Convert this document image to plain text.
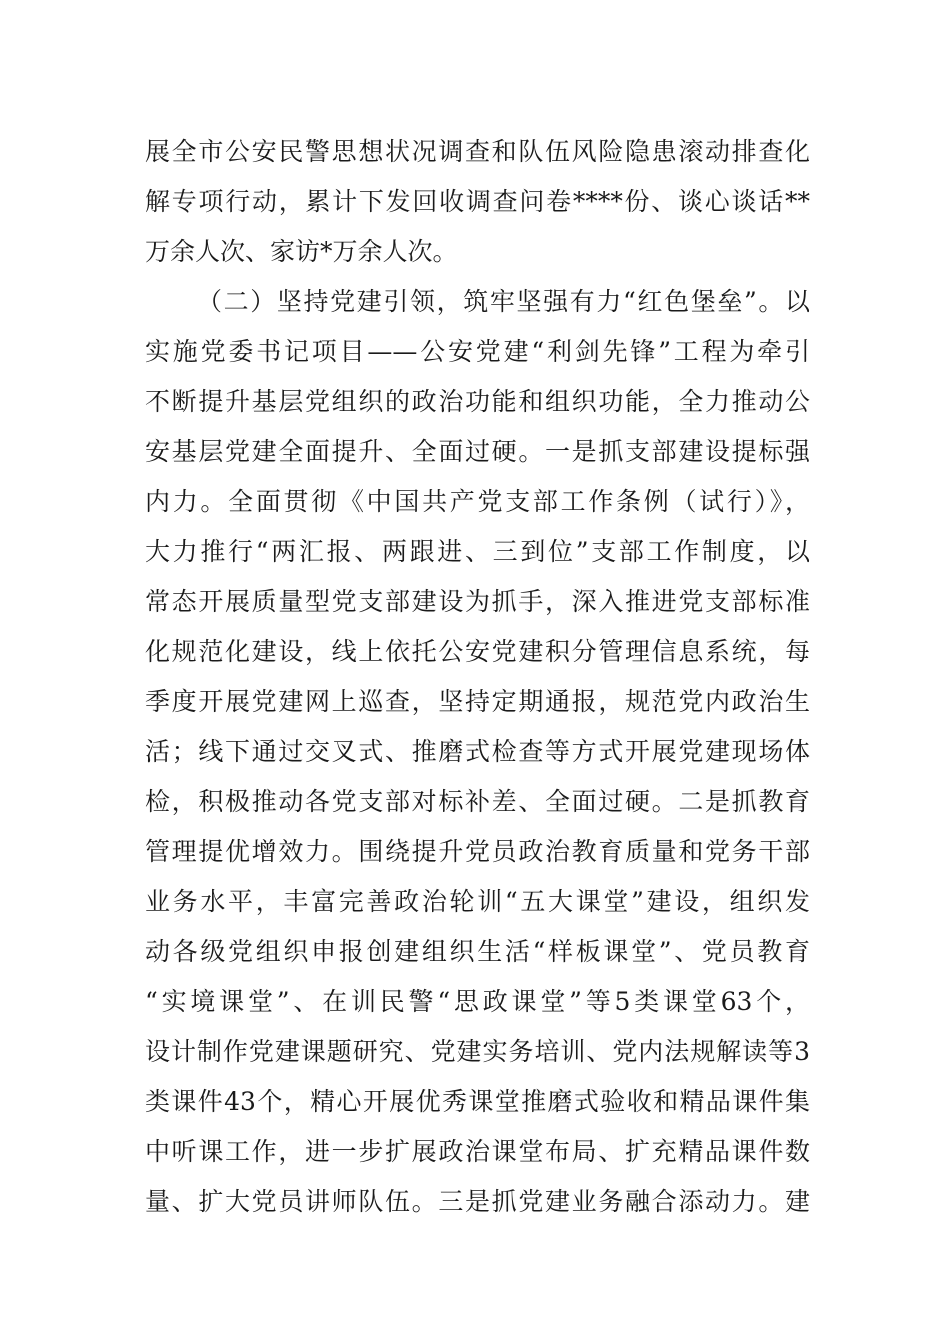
展全市公安民警思想状况调查和队伍风险隐患滚动排查化
解专项行动，累计下发回收调查问卷****份、谈心谈话**
万余人次、家访*万余人次。
（二）坚持党建引领，筑牢坚强有力“红色堡垒”。以
实施党委书记项目——公安党建“利剑先锋”工程为牵引
不断提升基层党组织的政治功能和组织功能，全力推动公
安基层党建全面提升、全面过硬。一是抓支部建设提标强
内力。全面贯彻《中国共产党支部工作条例（试行）》，
大力推行“两汇报、两跟进、三到位”支部工作制度，以
常态开展质量型党支部建设为抓手，深入推进党支部标准
化规范化建设，线上依托公安党建积分管理信息系统，每
季度开展党建网上巡查，坚持定期通报，规范党内政治生
活；线下通过交叉式、推磨式检查等方式开展党建现场体
检，积极推动各党支部对标补差、全面过硬。二是抓教育
管理提优增效力。围绕提升党员政治教育质量和党务干部
业务水平，丰富完善政治轮训“五大课堂”建设，组织发
动各级党组织申报创建组织生活“样板课堂”、党员教育
“实境课堂”、在训民警“思政课堂”等5类课堂63个，
设计制作党建课题研究、党建实务培训、党内法规解读等3
类课件43个，精心开展优秀课堂推磨式验收和精品课件集
中听课工作，进一步扩展政治课堂布局、扩充精品课件数
量、扩大党员讲师队伍。三是抓党建业务融合添动力。建
